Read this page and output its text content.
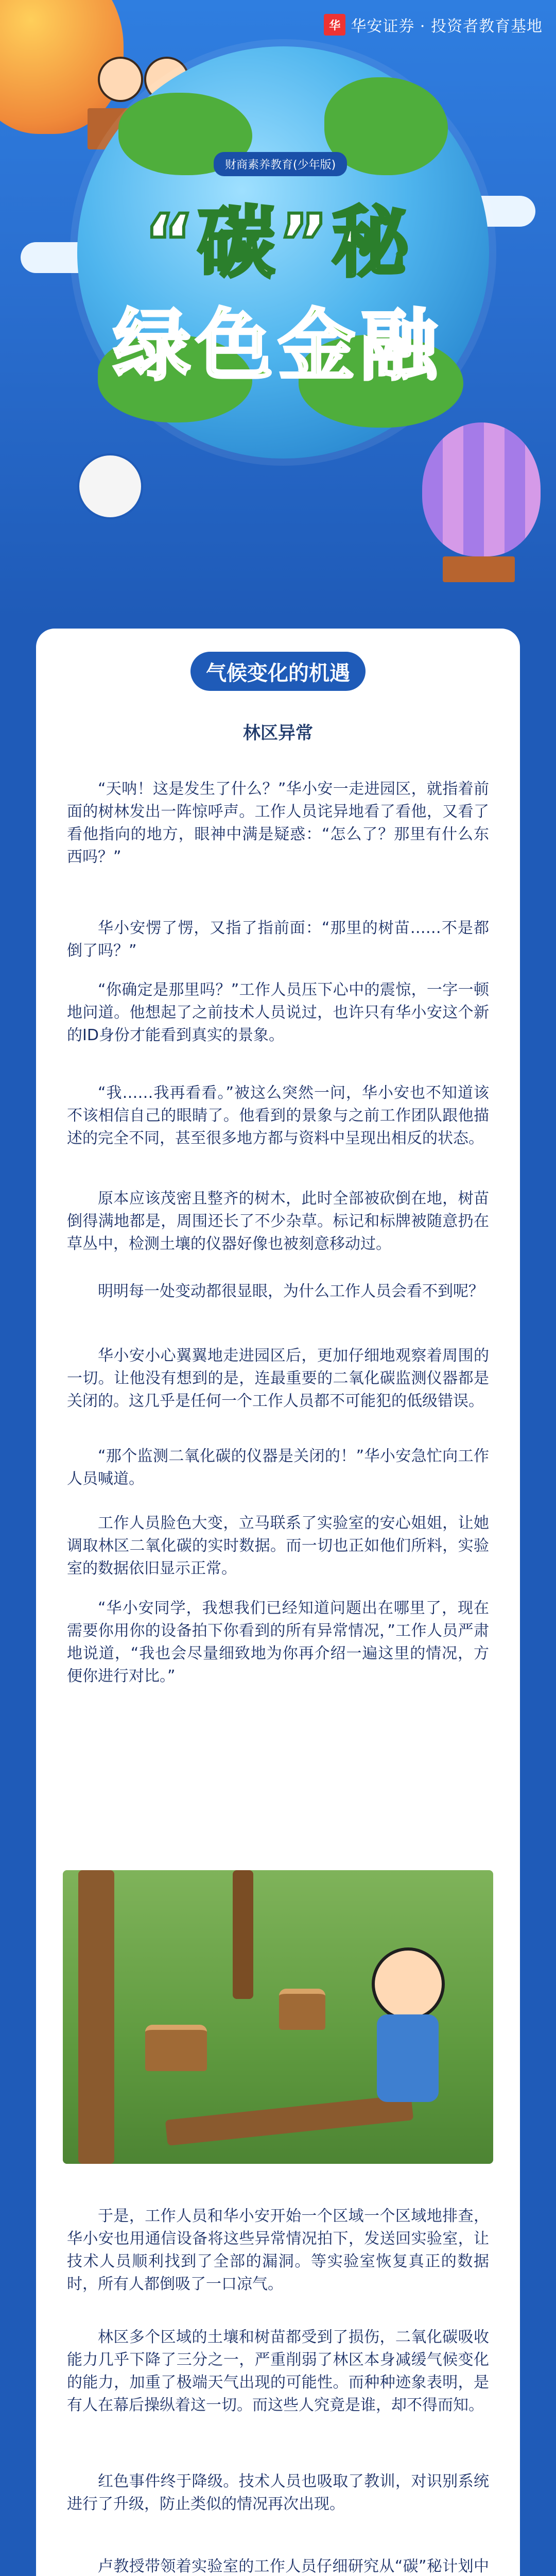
华 华安证券 · 投资者教育基地
财商素养教育(少年版)
“碳”秘
绿色金融
气候变化的机遇
林区异常

“天呐！这是发生了什么？”华小安一走进园区，就指着前面的树林发出一阵惊呼声。工作人员诧异地看了看他，又看了看他指向的地方，眼神中满是疑惑：“怎么了？那里有什么东西吗？”

华小安愣了愣，又指了指前面：“那里的树苗……不是都倒了吗？”

“你确定是那里吗？”工作人员压下心中的震惊，一字一顿地问道。他想起了之前技术人员说过，也许只有华小安这个新的ID身份才能看到真实的景象。

“我……我再看看。”被这么突然一问，华小安也不知道该不该相信自己的眼睛了。他看到的景象与之前工作团队跟他描述的完全不同，甚至很多地方都与资料中呈现出相反的状态。

原本应该茂密且整齐的树木，此时全部被砍倒在地，树苗倒得满地都是，周围还长了不少杂草。标记和标牌被随意扔在草丛中，检测土壤的仪器好像也被刻意移动过。

明明每一处变动都很显眼，为什么工作人员会看不到呢？

华小安小心翼翼地走进园区后，更加仔细地观察着周围的一切。让他没有想到的是，连最重要的二氧化碳监测仪器都是关闭的。这几乎是任何一个工作人员都不可能犯的低级错误。

“那个监测二氧化碳的仪器是关闭的！”华小安急忙向工作人员喊道。

工作人员脸色大变，立马联系了实验室的安心姐姐，让她调取林区二氧化碳的实时数据。而一切也正如他们所料，实验室的数据依旧显示正常。

“华小安同学，我想我们已经知道问题出在哪里了，现在需要你用你的设备拍下你看到的所有异常情况，”工作人员严肃地说道，“我也会尽量细致地为你再介绍一遍这里的情况，方便你进行对比。”

于是，工作人员和华小安开始一个区域一个区域地排查，华小安也用通信设备将这些异常情况拍下，发送回实验室，让技术人员顺利找到了全部的漏洞。等实验室恢复真正的数据时，所有人都倒吸了一口凉气。

林区多个区域的土壤和树苗都受到了损伤，二氧化碳吸收能力几乎下降了三分之一，严重削弱了林区本身减缓气候变化的能力，加重了极端天气出现的可能性。而种种迹象表明，是有人在幕后操纵着这一切。而这些人究竟是谁，却不得而知。

红色事件终于降级。技术人员也吸取了教训，对识别系统进行了升级，防止类似的情况再次出现。

卢教授带领着实验室的工作人员仔细研究从“碳”秘计划中
